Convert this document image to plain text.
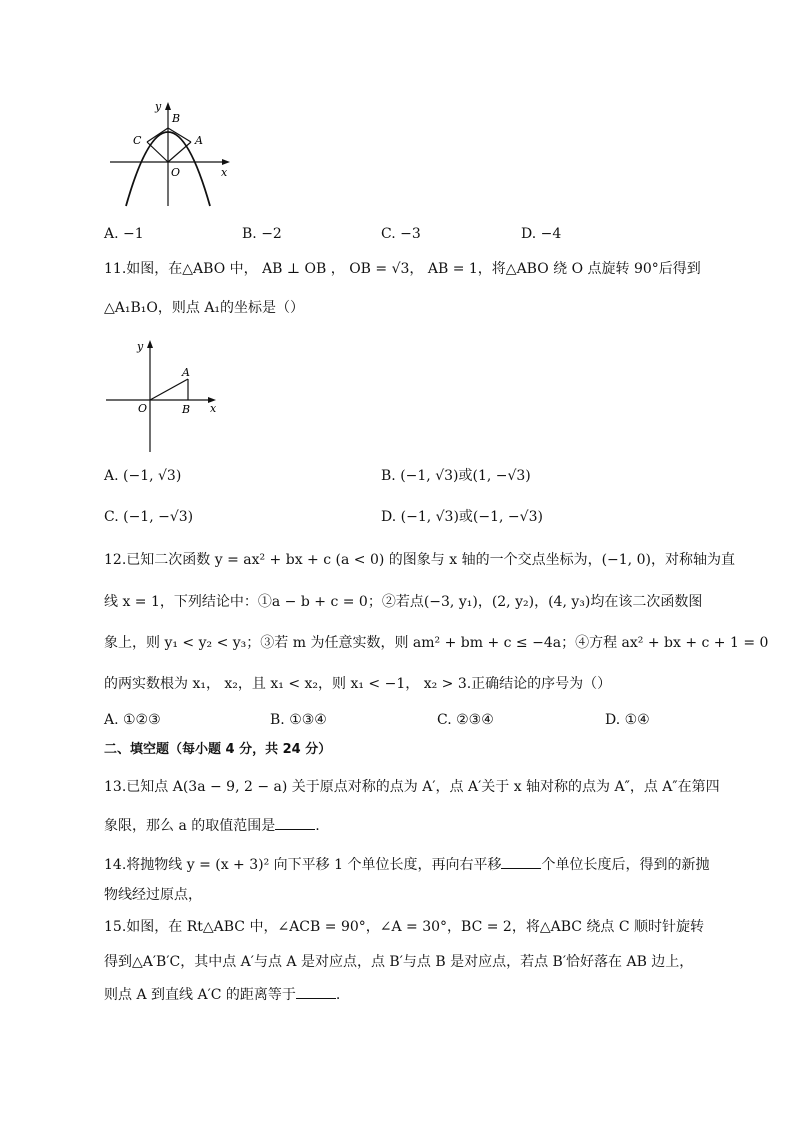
y
B
C	A
O	x
A. −1	B. −2	C. −3	D. −4
11.如图，在△ABO 中， AB ⊥ OB ， OB = √3， AB = 1，将△ABO 绕 O 点旋转 90°后得到
△A₁B₁O，则点 A₁的坐标是（）
y
A
O	B x
A. (−1, √3)	B. (−1, √3)或(1, −√3)
C. (−1, −√3)	D. (−1, √3)或(−1, −√3)
12.已知二次函数 y = ax² + bx + c (a < 0) 的图象与 x 轴的一个交点坐标为，(−1, 0)，对称轴为直
线 x = 1，下列结论中：①a − b + c = 0；②若点(−3, y₁)，(2, y₂)，(4, y₃)均在该二次函数图
象上，则 y₁ < y₂ < y₃；③若 m 为任意实数，则 am² + bm + c ≤ −4a；④方程 ax² + bx + c + 1 = 0
的两实数根为 x₁， x₂，且 x₁ < x₂，则 x₁ < −1， x₂ > 3.正确结论的序号为（）
A. ①②③	B. ①③④	C. ②③④	D. ①④
二、填空题（每小题 4 分，共 24 分）
13.已知点 A(3a − 9, 2 − a) 关于原点对称的点为 A′，点 A′关于 x 轴对称的点为 A″，点 A″在第四
象限，那么 a 的取值范围是	.
14.将抛物线 y = (x + 3)² 向下平移 1 个单位长度，再向右平移	个单位长度后，得到的新抛
物线经过原点，
15.如图，在 Rt△ABC 中，∠ACB = 90°，∠A = 30°，BC = 2，将△ABC 绕点 C 顺时针旋转
得到△A′B′C，其中点 A′与点 A 是对应点，点 B′与点 B 是对应点，若点 B′恰好落在 AB 边上，
则点 A 到直线 A′C 的距离等于	.
